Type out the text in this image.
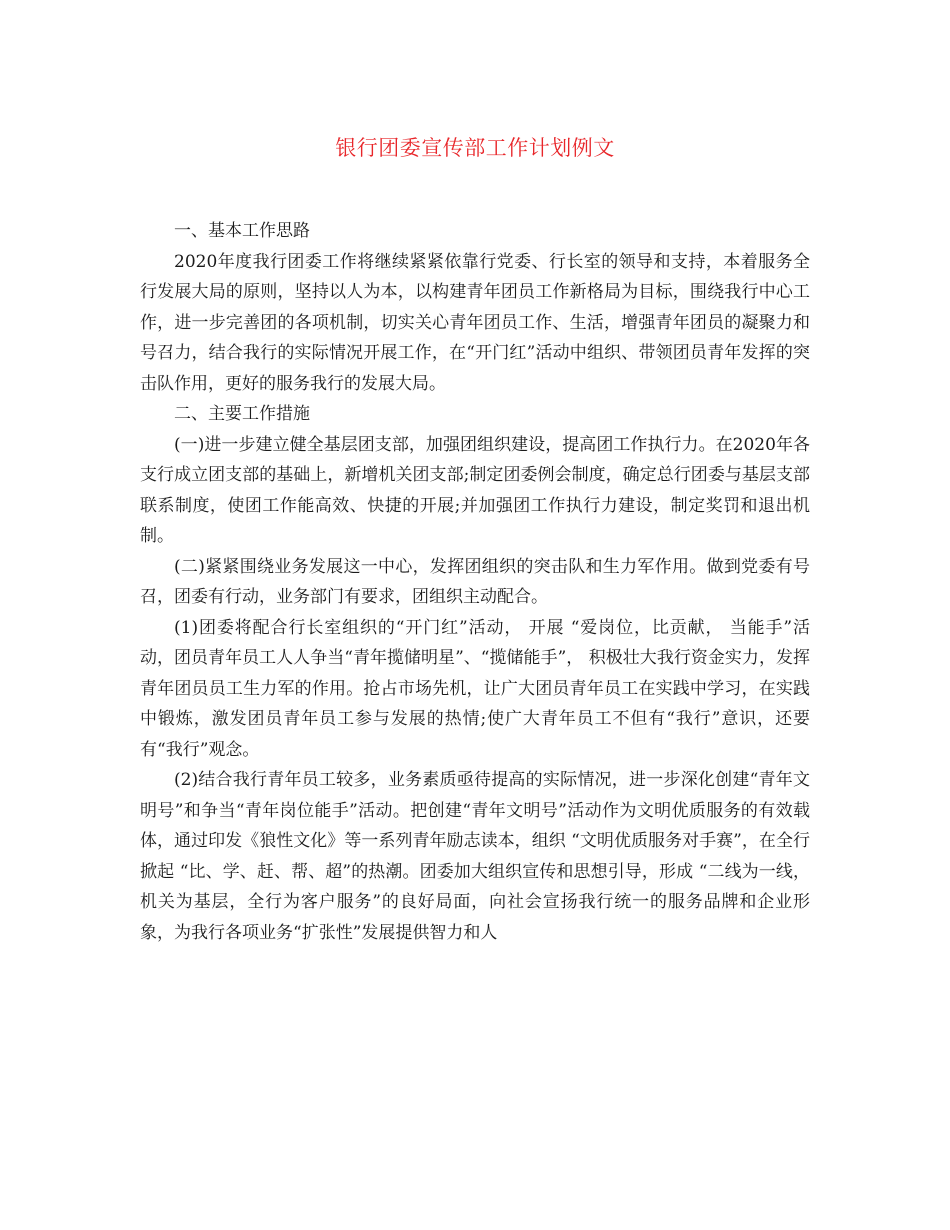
银行团委宣传部工作计划例文

一、基本工作思路

2020年度我行团委工作将继续紧紧依靠行党委、行长室的领导和支持，本着服务全行发展大局的原则，坚持以人为本，以构建青年团员工作新格局为目标，围绕我行中心工作，进一步完善团的各项机制，切实关心青年团员工作、生活，增强青年团员的凝聚力和号召力，结合我行的实际情况开展工作，在“开门红”活动中组织、带领团员青年发挥的突击队作用，更好的服务我行的发展大局。

二、主要工作措施

(一)进一步建立健全基层团支部，加强团组织建设，提高团工作执行力。在2020年各支行成立团支部的基础上，新增机关团支部;制定团委例会制度，确定总行团委与基层支部联系制度，使团工作能高效、快捷的开展;并加强团工作执行力建设，制定奖罚和退出机制。

(二)紧紧围绕业务发展这一中心，发挥团组织的突击队和生力军作用。做到党委有号召，团委有行动，业务部门有要求，团组织主动配合。

(1)团委将配合行长室组织的“开门红”活动， 开展 “爱岗位，比贡献， 当能手”活动，团员青年员工人人争当“青年揽储明星”、“揽储能手”， 积极壮大我行资金实力，发挥青年团员员工生力军的作用。抢占市场先机，让广大团员青年员工在实践中学习，在实践中锻炼，激发团员青年员工参与发展的热情;使广大青年员工不但有“我行”意识，还要有“我行”观念。

(2)结合我行青年员工较多，业务素质亟待提高的实际情况，进一步深化创建“青年文明号”和争当“青年岗位能手”活动。把创建“青年文明号”活动作为文明优质服务的有效载体，通过印发《狼性文化》等一系列青年励志读本，组织 “文明优质服务对手赛”，在全行掀起 “比、学、赶、帮、超”的热潮。团委加大组织宣传和思想引导，形成 “二线为一线，机关为基层，全行为客户服务”的良好局面，向社会宣扬我行统一的服务品牌和企业形象，为我行各项业务“扩张性”发展提供智力和人
